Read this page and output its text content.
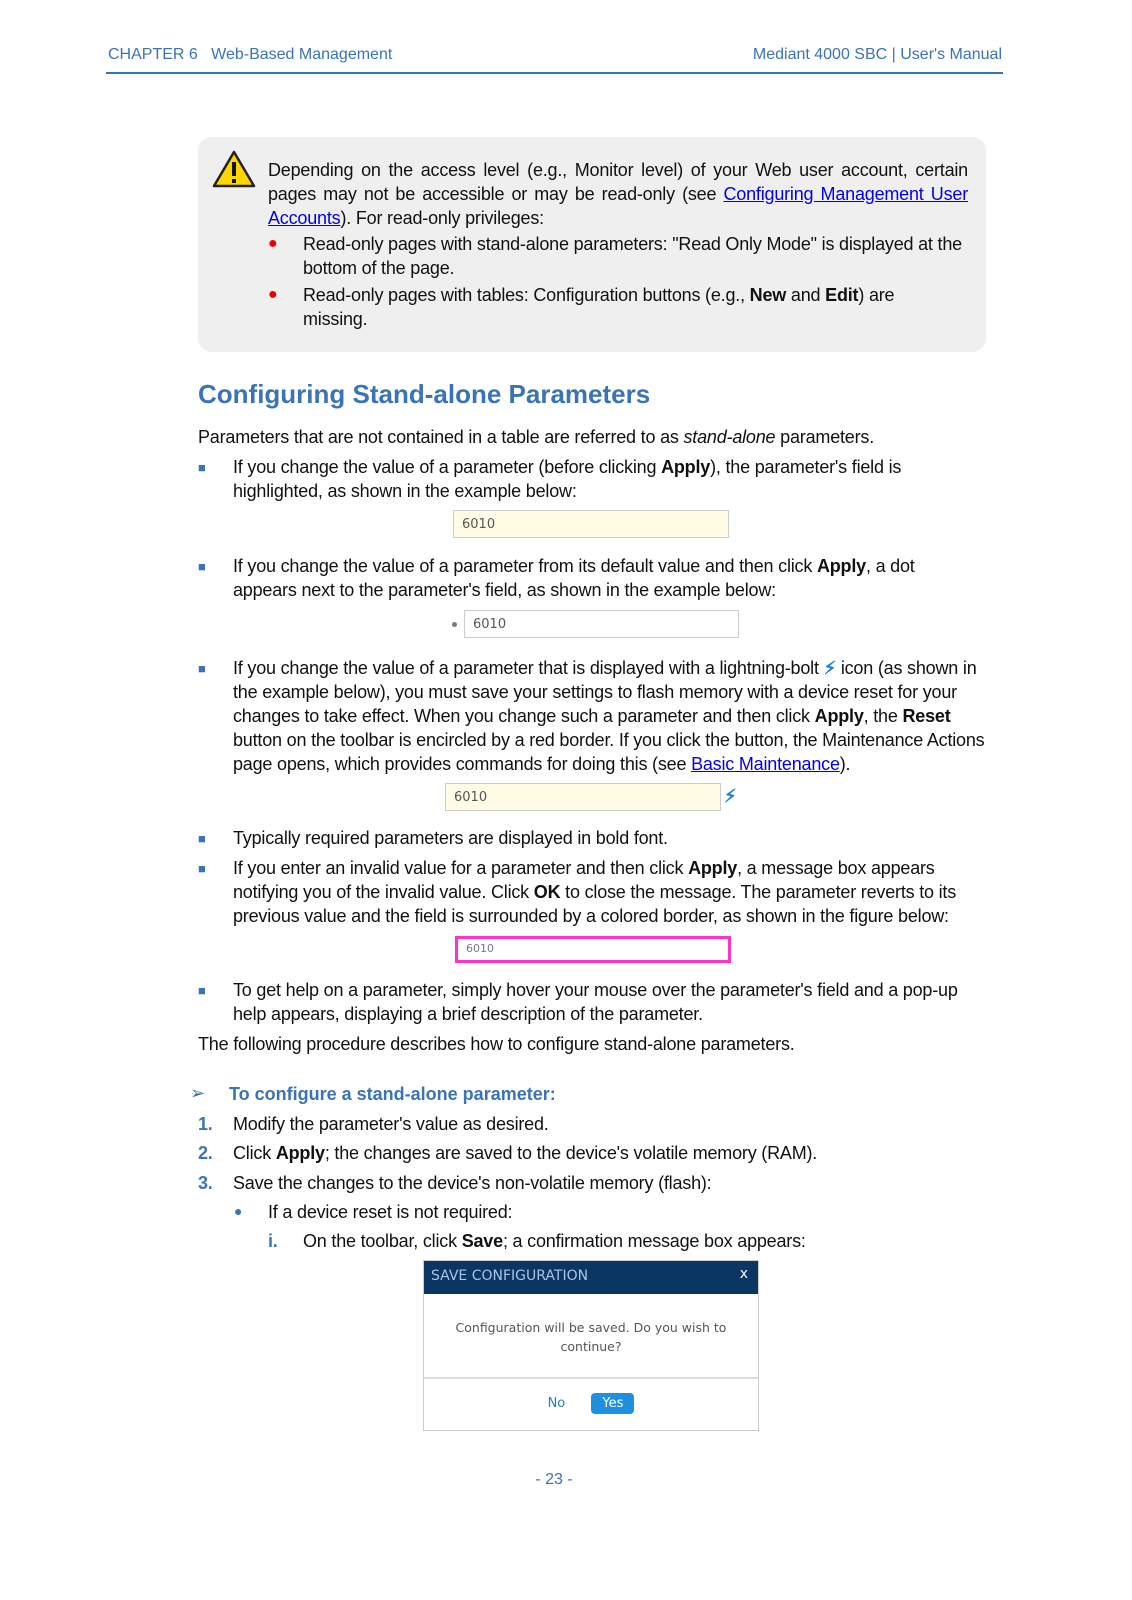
CHAPTER 6 Web-Based Management	Mediant 4000 SBC | User's Manual
Depending on the access level (e.g., Monitor level) of your Web user account, certain pages may not be accessible or may be read-only (see Configuring Management User Accounts). For read-only privileges:
● Read-only pages with stand-alone parameters: "Read Only Mode" is displayed at the bottom of the page.
● Read-only pages with tables: Configuration buttons (e.g., New and Edit) are missing.
Configuring Stand-alone Parameters
Parameters that are not contained in a table are referred to as stand-alone parameters.
■ If you change the value of a parameter (before clicking Apply), the parameter's field is highlighted, as shown in the example below:
6010
■ If you change the value of a parameter from its default value and then click Apply, a dot appears next to the parameter's field, as shown in the example below:
6010
■ If you change the value of a parameter that is displayed with a lightning-bolt ⚡︎ icon (as shown in the example below), you must save your settings to flash memory with a device reset for your changes to take effect. When you change such a parameter and then click Apply, the Reset button on the toolbar is encircled by a red border. If you click the button, the Maintenance Actions page opens, which provides commands for doing this (see Basic Maintenance).
6010	⚡︎
■ Typically required parameters are displayed in bold font.
■ If you enter an invalid value for a parameter and then click Apply, a message box appears notifying you of the invalid value. Click OK to close the message. The parameter reverts to its previous value and the field is surrounded by a colored border, as shown in the figure below:
6010
■ To get help on a parameter, simply hover your mouse over the parameter's field and a pop-up help appears, displaying a brief description of the parameter.
The following procedure describes how to configure stand-alone parameters.
➢ To configure a stand-alone parameter:
1. Modify the parameter's value as desired.
2. Click Apply; the changes are saved to the device's volatile memory (RAM).
3. Save the changes to the device's non-volatile memory (flash):
● If a device reset is not required:
i. On the toolbar, click Save; a confirmation message box appears:
SAVE CONFIGURATION	x
Configuration will be saved. Do you wish to continue?
No	Yes
- 23 -
